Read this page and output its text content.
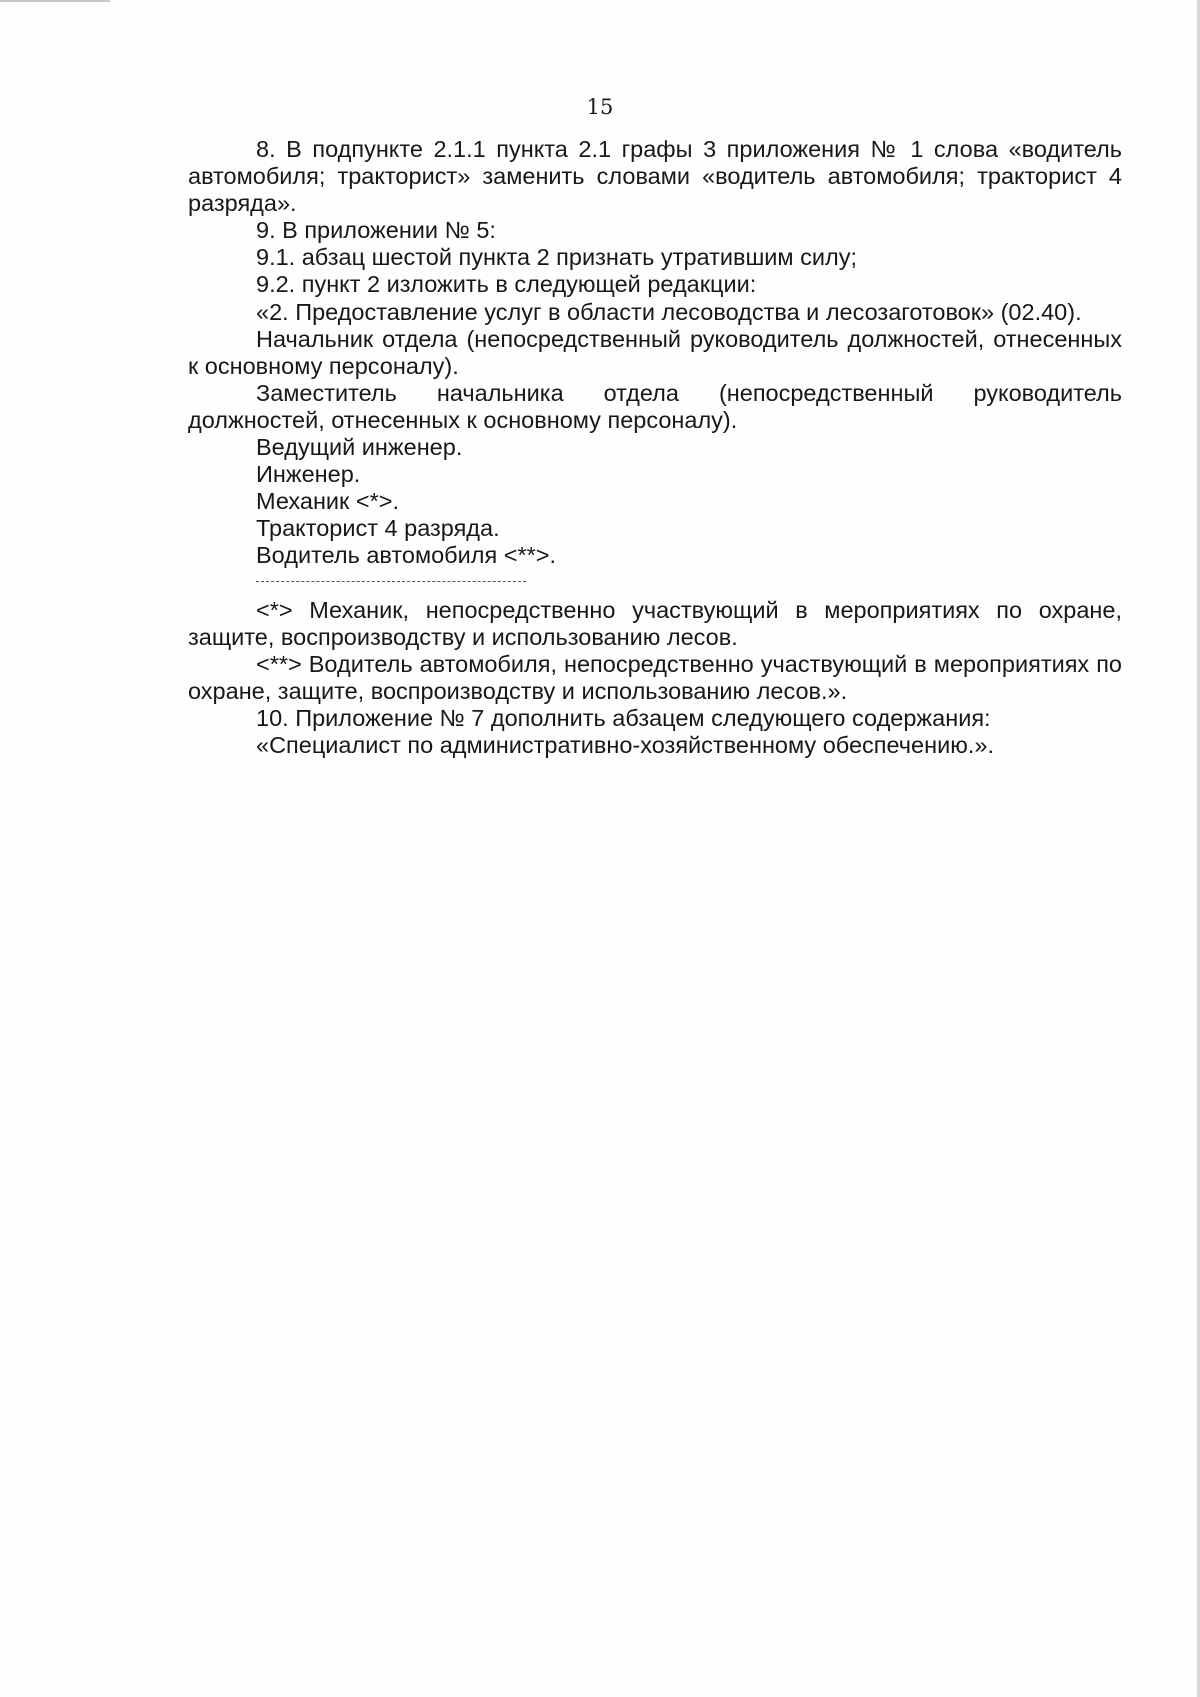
15

8. В подпункте 2.1.1 пункта 2.1 графы 3 приложения № 1 слова «водитель автомобиля; тракторист» заменить словами «водитель автомобиля; тракторист 4 разряда».

9. В приложении № 5:

9.1. абзац шестой пункта 2 признать утратившим силу;

9.2. пункт 2 изложить в следующей редакции:

«2. Предоставление услуг в области лесоводства и лесозаготовок» (02.40).

Начальник отдела (непосредственный руководитель должностей, отнесенных к основному персоналу).

Заместитель начальника отдела (непосредственный руководитель должностей, отнесенных к основному персоналу).

Ведущий инженер.

Инженер.

Механик <*>.

Тракторист 4 разряда.

Водитель автомобиля <**>.

<*> Механик, непосредственно участвующий в мероприятиях по охране, защите, воспроизводству и использованию лесов.

<**> Водитель автомобиля, непосредственно участвующий в мероприятиях по охране, защите, воспроизводству и использованию лесов.».

10. Приложение № 7 дополнить абзацем следующего содержания:

«Специалист по административно-хозяйственному обеспечению.».
